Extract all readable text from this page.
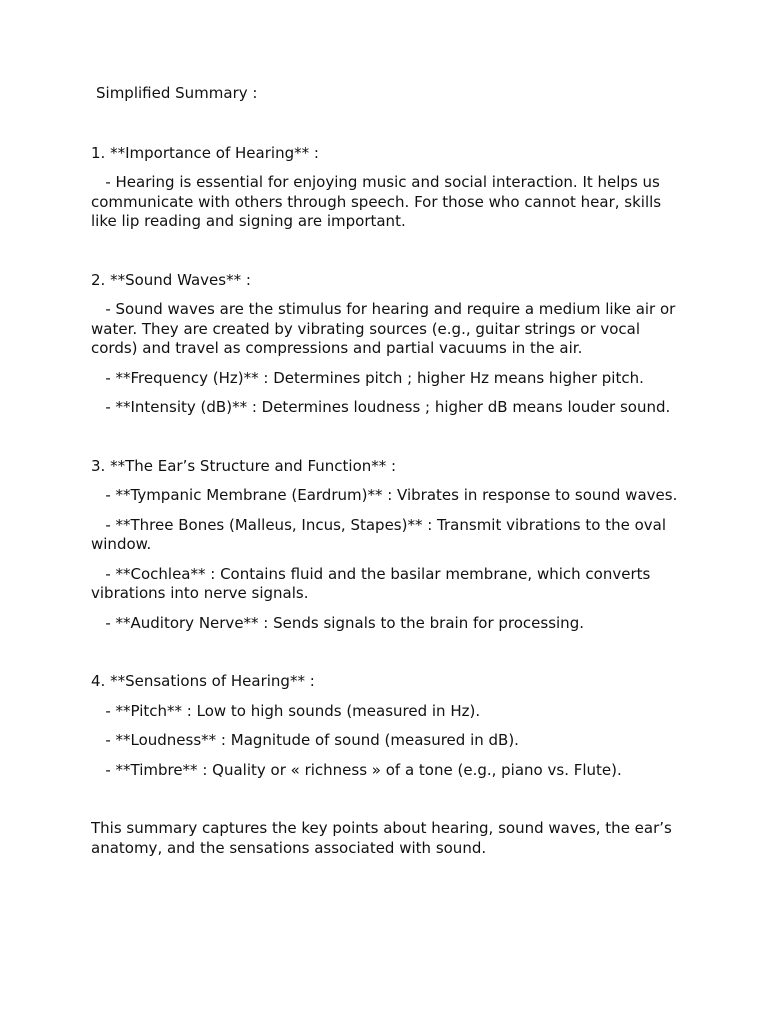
Simplified Summary :
1. **Importance of Hearing** :
- Hearing is essential for enjoying music and social interaction. It helps us communicate with others through speech. For those who cannot hear, skills like lip reading and signing are important.
2. **Sound Waves** :
- Sound waves are the stimulus for hearing and require a medium like air or water. They are created by vibrating sources (e.g., guitar strings or vocal cords) and travel as compressions and partial vacuums in the air.
- **Frequency (Hz)** : Determines pitch ; higher Hz means higher pitch.
- **Intensity (dB)** : Determines loudness ; higher dB means louder sound.
3. **The Ear’s Structure and Function** :
- **Tympanic Membrane (Eardrum)** : Vibrates in response to sound waves.
- **Three Bones (Malleus, Incus, Stapes)** : Transmit vibrations to the oval window.
- **Cochlea** : Contains fluid and the basilar membrane, which converts vibrations into nerve signals.
- **Auditory Nerve** : Sends signals to the brain for processing.
4. **Sensations of Hearing** :
- **Pitch** : Low to high sounds (measured in Hz).
- **Loudness** : Magnitude of sound (measured in dB).
- **Timbre** : Quality or « richness » of a tone (e.g., piano vs. Flute).
This summary captures the key points about hearing, sound waves, the ear’s anatomy, and the sensations associated with sound.
